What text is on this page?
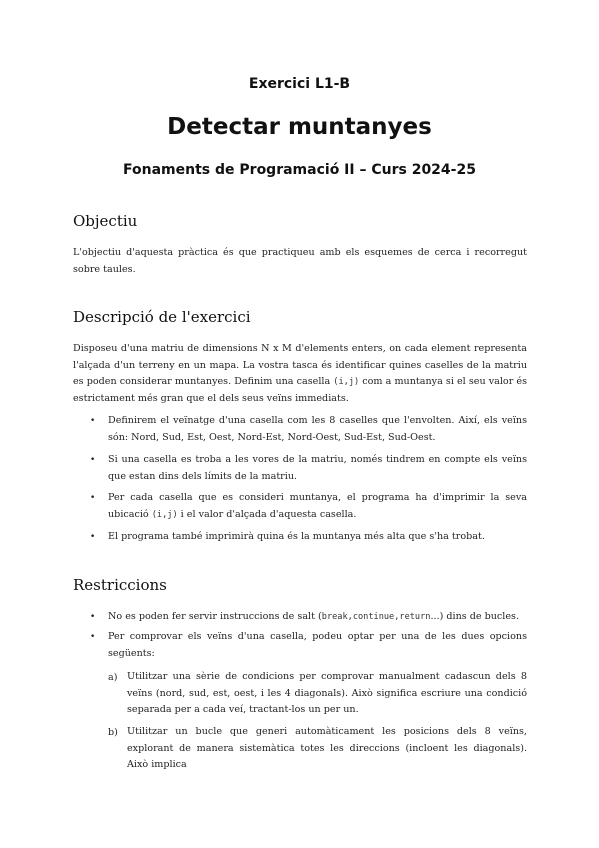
Exercici L1-B
Detectar muntanyes
Fonaments de Programació II – Curs 2024-25
Objectiu
L'objectiu d'aquesta pràctica és que practiqueu amb els esquemes de cerca i recorregut sobre taules.
Descripció de l'exercici
Disposeu d'una matriu de dimensions N x M d'elements enters, on cada element representa l'alçada d'un terreny en un mapa. La vostra tasca és identificar quines caselles de la matriu es poden considerar muntanyes. Definim una casella (i,j) com a muntanya si el seu valor és estrictament més gran que el dels seus veïns immediats.
• Definirem el veïnatge d'una casella com les 8 caselles que l'envolten. Així, els veïns són: Nord, Sud, Est, Oest, Nord-Est, Nord-Oest, Sud-Est, Sud-Oest.
• Si una casella es troba a les vores de la matriu, només tindrem en compte els veïns que estan dins dels límits de la matriu.
• Per cada casella que es consideri muntanya, el programa ha d'imprimir la seva ubicació (i,j) i el valor d'alçada d'aquesta casella.
• El programa també imprimirà quina és la muntanya més alta que s'ha trobat.
Restriccions
• No es poden fer servir instruccions de salt (break,continue,return...) dins de bucles.
• Per comprovar els veïns d'una casella, podeu optar per una de les dues opcions següents:
a) Utilitzar una sèrie de condicions per comprovar manualment cadascun dels 8 veïns (nord, sud, est, oest, i les 4 diagonals). Això significa escriure una condició separada per a cada veí, tractant-los un per un.
b) Utilitzar un bucle que generi automàticament les posicions dels 8 veïns, explorant de manera sistemàtica totes les direccions (incloent les diagonals). Això implica
